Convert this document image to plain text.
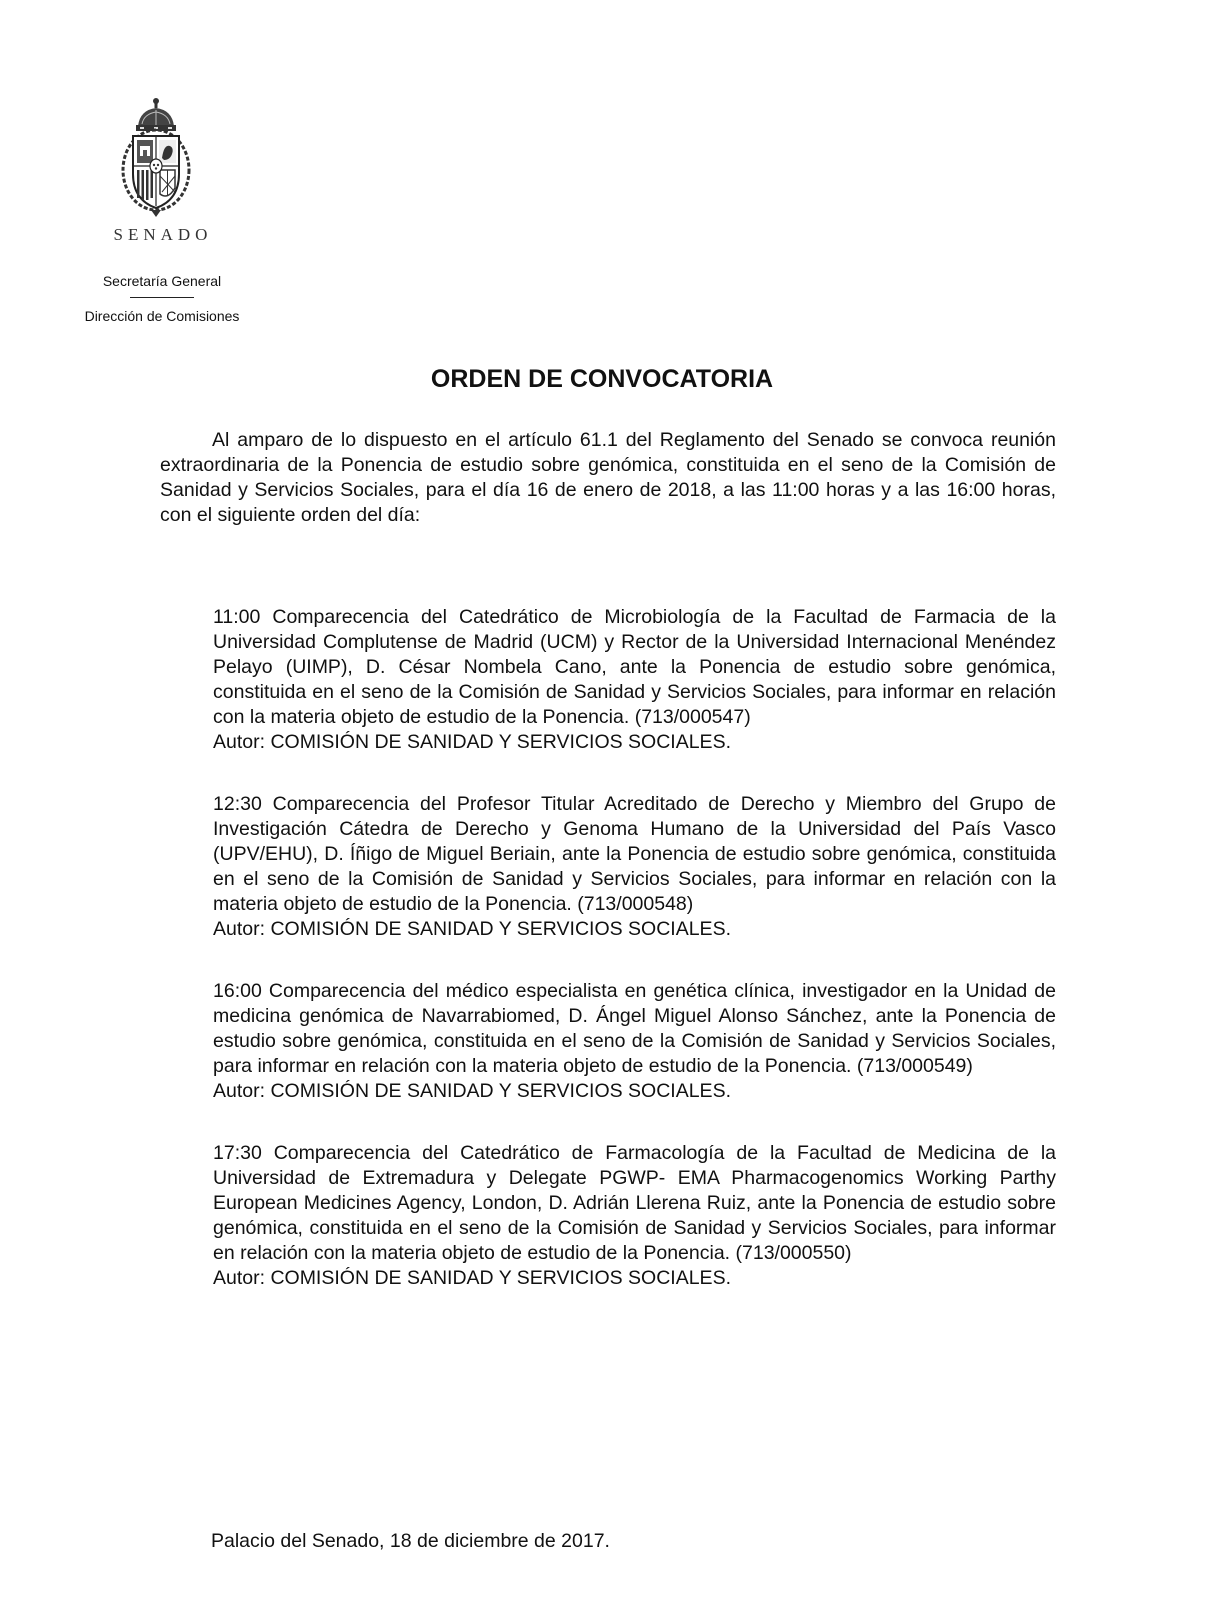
SENADO
Secretaría General
Dirección de Comisiones
ORDEN DE CONVOCATORIA

Al amparo de lo dispuesto en el artículo 61.1 del Reglamento del Senado se convoca reunión extraordinaria de la Ponencia de estudio sobre genómica, constituida en el seno de la Comisión de Sanidad y Servicios Sociales, para el día 16 de enero de 2018, a las 11:00 horas y a las 16:00 horas, con el siguiente orden del día:

11:00 Comparecencia del Catedrático de Microbiología de la Facultad de Farmacia de la Universidad Complutense de Madrid (UCM) y Rector de la Universidad Internacional Menéndez Pelayo (UIMP), D. César Nombela Cano, ante la Ponencia de estudio sobre genómica, constituida en el seno de la Comisión de Sanidad y Servicios Sociales, para informar en relación con la materia objeto de estudio de la Ponencia. (713/000547)

Autor: COMISIÓN DE SANIDAD Y SERVICIOS SOCIALES.

12:30 Comparecencia del Profesor Titular Acreditado de Derecho y Miembro del Grupo de Investigación Cátedra de Derecho y Genoma Humano de la Universidad del País Vasco (UPV/EHU), D. Íñigo de Miguel Beriain, ante la Ponencia de estudio sobre genómica, constituida en el seno de la Comisión de Sanidad y Servicios Sociales, para informar en relación con la materia objeto de estudio de la Ponencia. (713/000548)

Autor: COMISIÓN DE SANIDAD Y SERVICIOS SOCIALES.

16:00 Comparecencia del médico especialista en genética clínica, investigador en la Unidad de medicina genómica de Navarrabiomed, D. Ángel Miguel Alonso Sánchez, ante la Ponencia de estudio sobre genómica, constituida en el seno de la Comisión de Sanidad y Servicios Sociales, para informar en relación con la materia objeto de estudio de la Ponencia. (713/000549)

Autor: COMISIÓN DE SANIDAD Y SERVICIOS SOCIALES.

17:30 Comparecencia del Catedrático de Farmacología de la Facultad de Medicina de la Universidad de Extremadura y Delegate PGWP- EMA Pharmacogenomics Working Parthy European Medicines Agency, London, D. Adrián Llerena Ruiz, ante la Ponencia de estudio sobre genómica, constituida en el seno de la Comisión de Sanidad y Servicios Sociales, para informar en relación con la materia objeto de estudio de la Ponencia. (713/000550)

Autor: COMISIÓN DE SANIDAD Y SERVICIOS SOCIALES.

Palacio del Senado, 18 de diciembre de 2017.
